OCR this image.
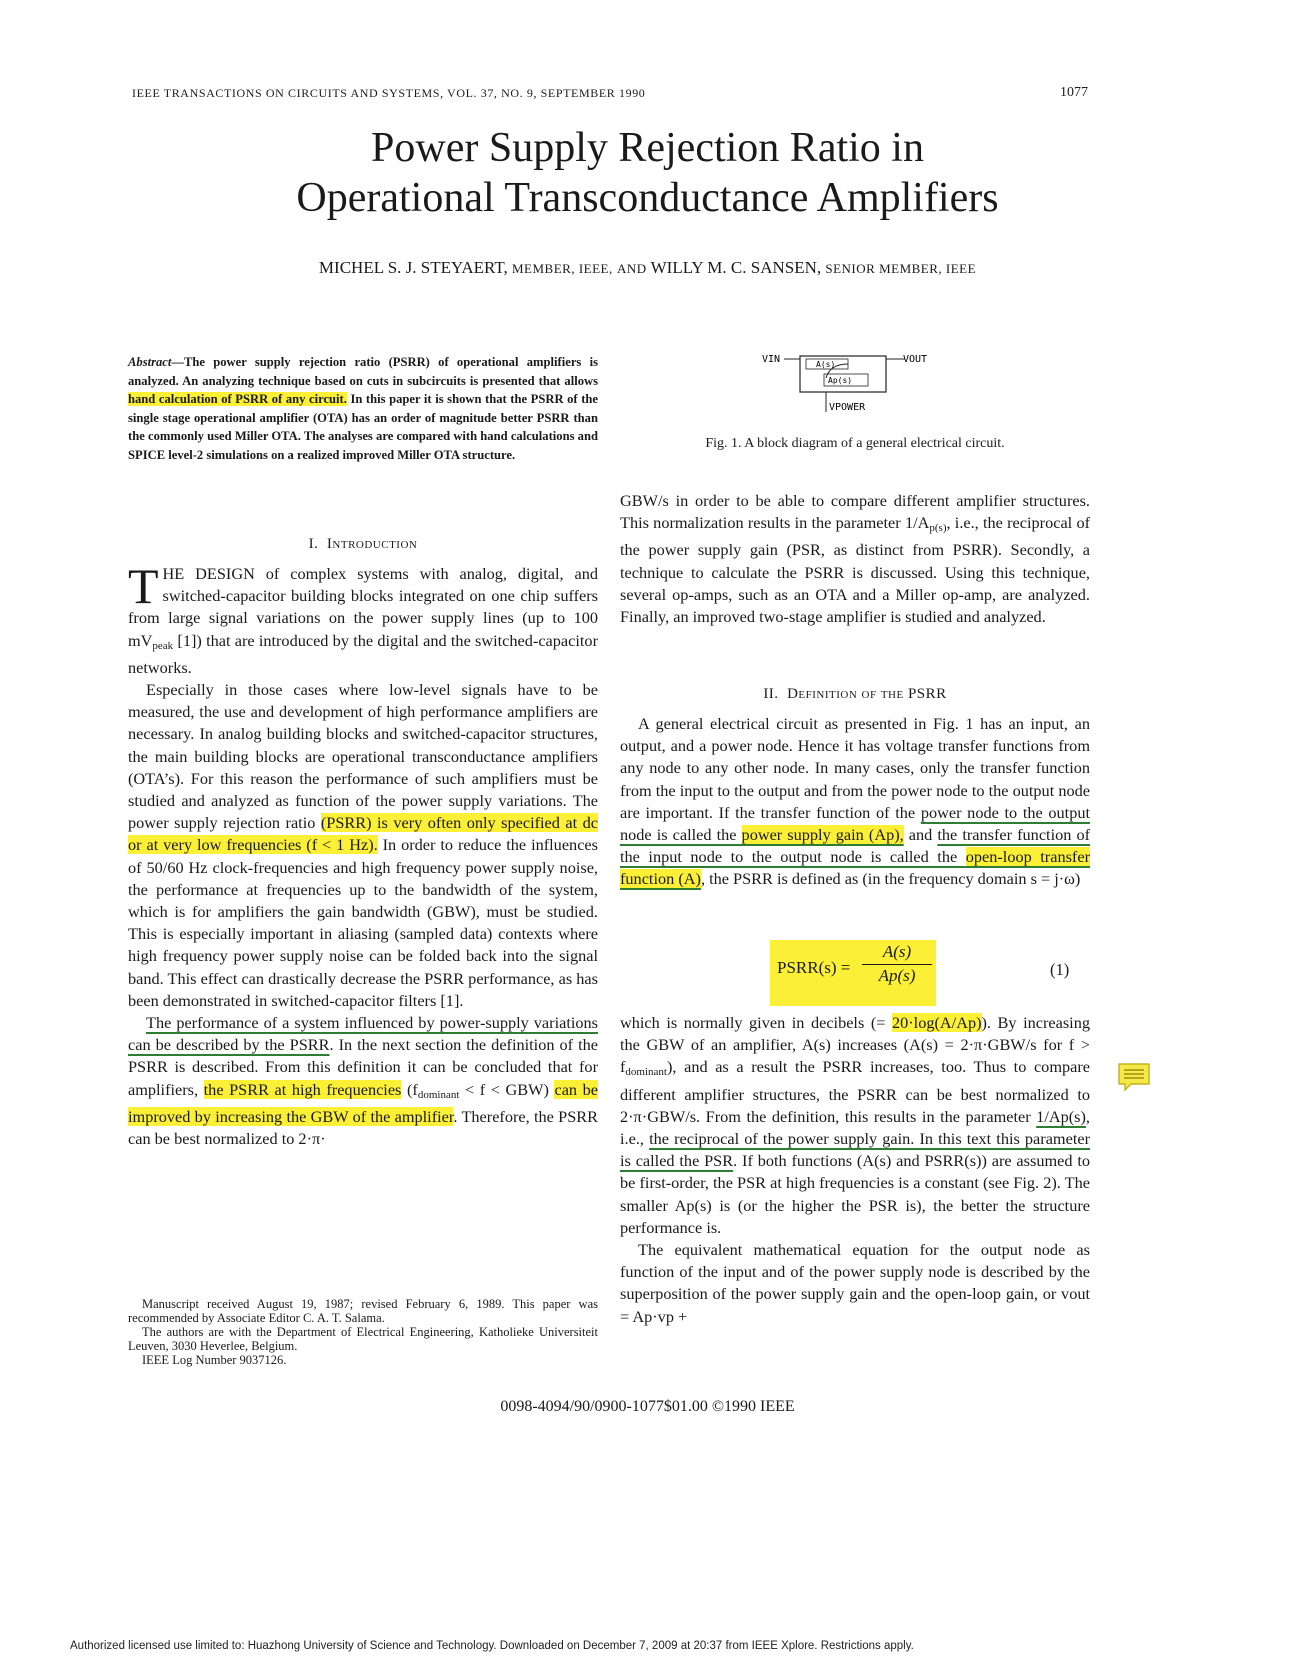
IEEE TRANSACTIONS ON CIRCUITS AND SYSTEMS, VOL. 37, NO. 9, SEPTEMBER 1990	1077
Power Supply Rejection Ratio in
Operational Transconductance Amplifiers
MICHEL S. J. STEYAERT, MEMBER, IEEE, AND WILLY M. C. SANSEN, SENIOR MEMBER, IEEE
Abstract—The power supply rejection ratio (PSRR) of operational amplifiers is analyzed. An analyzing technique based on cuts in subcircuits is presented that allows hand calculation of PSRR of any circuit. In this paper it is shown that the PSRR of the single stage operational amplifier (OTA) has an order of magnitude better PSRR than the commonly used Miller OTA. The analyses are compared with hand calculations and SPICE level-2 simulations on a realized improved Miller OTA structure.
I. Introduction

THE DESIGN of complex systems with analog, digital, and switched-capacitor building blocks integrated on one chip suffers from large signal variations on the power supply lines (up to 100 $mV_{peak}$ [1]) that are introduced by the digital and the switched-capacitor networks.

Especially in those cases where low-level signals have to be measured, the use and development of high performance amplifiers are necessary. In analog building blocks and switched-capacitor structures, the main building blocks are operational transconductance amplifiers (OTA’s). For this reason the performance of such amplifiers must be studied and analyzed as function of the power supply variations. The power supply rejection ratio (PSRR) is very often only specified at dc or at very low frequencies (f < 1 Hz). In order to reduce the influences of 50/60 Hz clock-frequencies and high frequency power supply noise, the performance at frequencies up to the bandwidth of the system, which is for amplifiers the gain bandwidth (GBW), must be studied. This is especially important in aliasing (sampled data) contexts where high frequency power supply noise can be folded back into the signal band. This effect can drastically decrease the PSRR performance, as has been demonstrated in switched-capacitor filters [1].

The performance of a system influenced by power-supply variations can be described by the PSRR. In the next section the definition of the PSRR is described. From this definition it can be concluded that for amplifiers, the PSRR at high frequencies $(f_{dominant} < f < GBW)$ can be improved by increasing the GBW of the amplifier. Therefore, the PSRR can be best normalized to 2·π·

Manuscript received August 19, 1987; revised February 6, 1989. This paper was recommended by Associate Editor C. A. T. Salama.

The authors are with the Department of Electrical Engineering, Katholieke Universiteit Leuven, 3030 Heverlee, Belgium.

IEEE Log Number 9037126.

VIN	A(s)	VOUT
Ap(s)
VPOWER
Fig. 1. A block diagram of a general electrical circuit.

GBW/s in order to be able to compare different amplifier structures. This normalization results in the parameter $1/A_{p(s)}$, i.e., the reciprocal of the power supply gain (PSR, as distinct from PSRR). Secondly, a technique to calculate the PSRR is discussed. Using this technique, several op-amps, such as an OTA and a Miller op-amp, are analyzed. Finally, an improved two-stage amplifier is studied and analyzed.

II. Definition of the PSRR

A general electrical circuit as presented in Fig. 1 has an input, an output, and a power node. Hence it has voltage transfer functions from any node to any other node. In many cases, only the transfer function from the input to the output and from the power node to the output node are important. If the transfer function of the power node to the output node is called the power supply gain (Ap), and the transfer function of the input node to the output node is called the open-loop transfer function (A), the PSRR is defined as (in the frequency domain s = j·ω)

PSRR(s) =
A(s)
Ap(s)	(1)

which is normally given in decibels (= 20·log(A/Ap)). By increasing the GBW of an amplifier, A(s) increases (A(s) = 2·π·GBW/s for $f > f_{dominant}$), and as a result the PSRR increases, too. Thus to compare different amplifier structures, the PSRR can be best normalized to 2·π·GBW/s. From the definition, this results in the parameter 1/Ap(s), i.e., the reciprocal of the power supply gain. In this text this parameter is called the PSR. If both functions (A(s) and PSRR(s)) are assumed to be first-order, the PSR at high frequencies is a constant (see Fig. 2). The smaller Ap(s) is (or the higher the PSR is), the better the structure performance is.

The equivalent mathematical equation for the output node as function of the input and of the power supply node is described by the superposition of the power supply gain and the open-loop gain, or vout = Ap·vp +

0098-4094/90/0900-1077$01.00 ©1990 IEEE
Authorized licensed use limited to: Huazhong University of Science and Technology. Downloaded on December 7, 2009 at 20:37 from IEEE Xplore. Restrictions apply.
